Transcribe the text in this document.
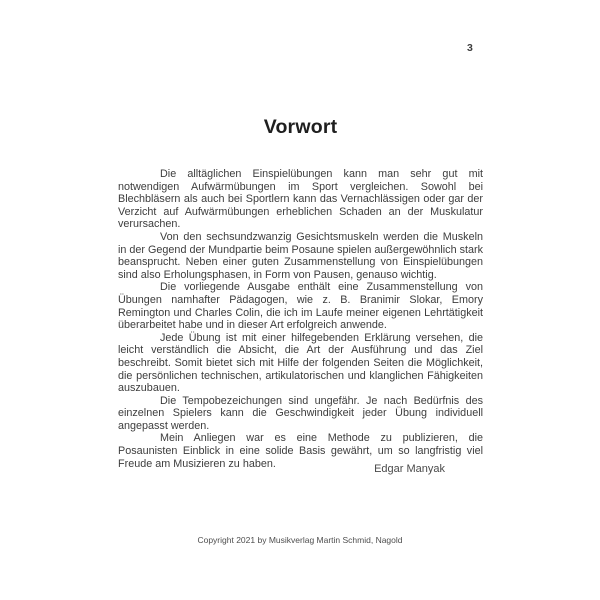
3
Vorwort

Die alltäglichen Einspielübungen kann man sehr gut mit notwendigen Aufwärmübungen im Sport vergleichen. Sowohl bei Blechbläsern als auch bei Sportlern kann das Vernachlässigen oder gar der Verzicht auf Aufwärmübungen erheblichen Schaden an der Muskulatur verursachen.

Von den sechsundzwanzig Gesichtsmuskeln werden die Muskeln in der Gegend der Mundpartie beim Posaune spielen außergewöhnlich stark beansprucht. Neben einer guten Zusammenstellung von Einspielübungen sind also Erholungsphasen, in Form von Pausen, genauso wichtig.

Die vorliegende Ausgabe enthält eine Zusammenstellung von Übungen namhafter Pädagogen, wie z. B. Branimir Slokar, Emory Remington und Charles Colin, die ich im Laufe meiner eigenen Lehrtätigkeit überarbeitet habe und in dieser Art erfolgreich anwende.

Jede Übung ist mit einer hilfegebenden Erklärung versehen, die leicht verständlich die Absicht, die Art der Ausführung und das Ziel beschreibt. Somit bietet sich mit Hilfe der folgenden Seiten die Möglichkeit, die persönlichen technischen, artikulatorischen und klanglichen Fähigkeiten auszubauen.

Die Tempobezeichungen sind ungefähr. Je nach Bedürfnis des einzelnen Spielers kann die Geschwindigkeit jeder Übung individuell angepasst werden.

Mein Anliegen war es eine Methode zu publizieren, die Posaunisten Einblick in eine solide Basis gewährt, um so langfristig viel Freude am Musizieren zu haben.	Edgar Manyak
Copyright 2021 by Musikverlag Martin Schmid, Nagold
